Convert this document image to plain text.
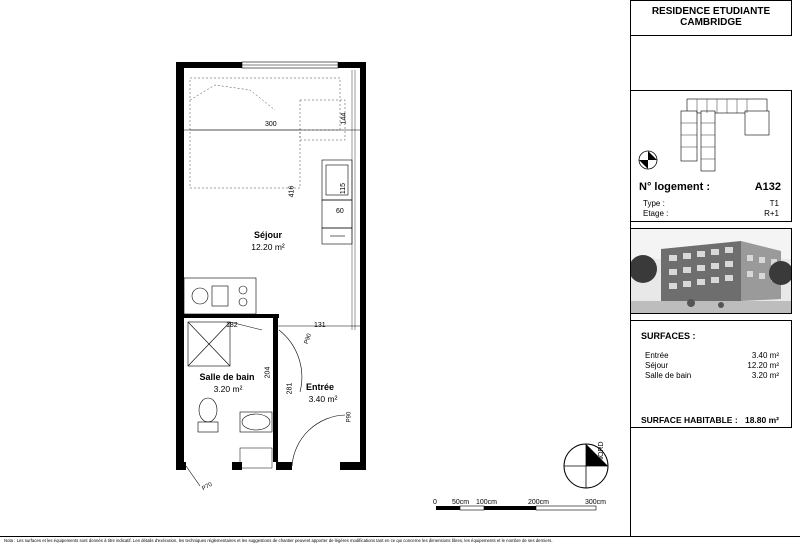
300
144
416	115
60
182	131
204
281
P90
P90
P70
Séjour
12.20 m²
Salle de bain
3.20 m²	Entrée
3.40 m²
NORD
0 50cm 100cm	200cm	300cm
RESIDENCE ETUDIANTE
CAMBRIDGE
N° logement :	A132
Type :	T1
Etage :	R+1
SURFACES :
Entrée	3.40 m²
Séjour	12.20 m²
Salle de bain	3.20 m²
SURFACE HABITABLE : 18.80 m²
Nota : Les surfaces et les équipements sont donnés à titre indicatif. Les détails d'exécution, les techniques réglementaires et les suggestions de chantier peuvent apporter de légères modifications tant en ce qui concerne les dimensions libres, les équipements et le nombre de ses derniers.
